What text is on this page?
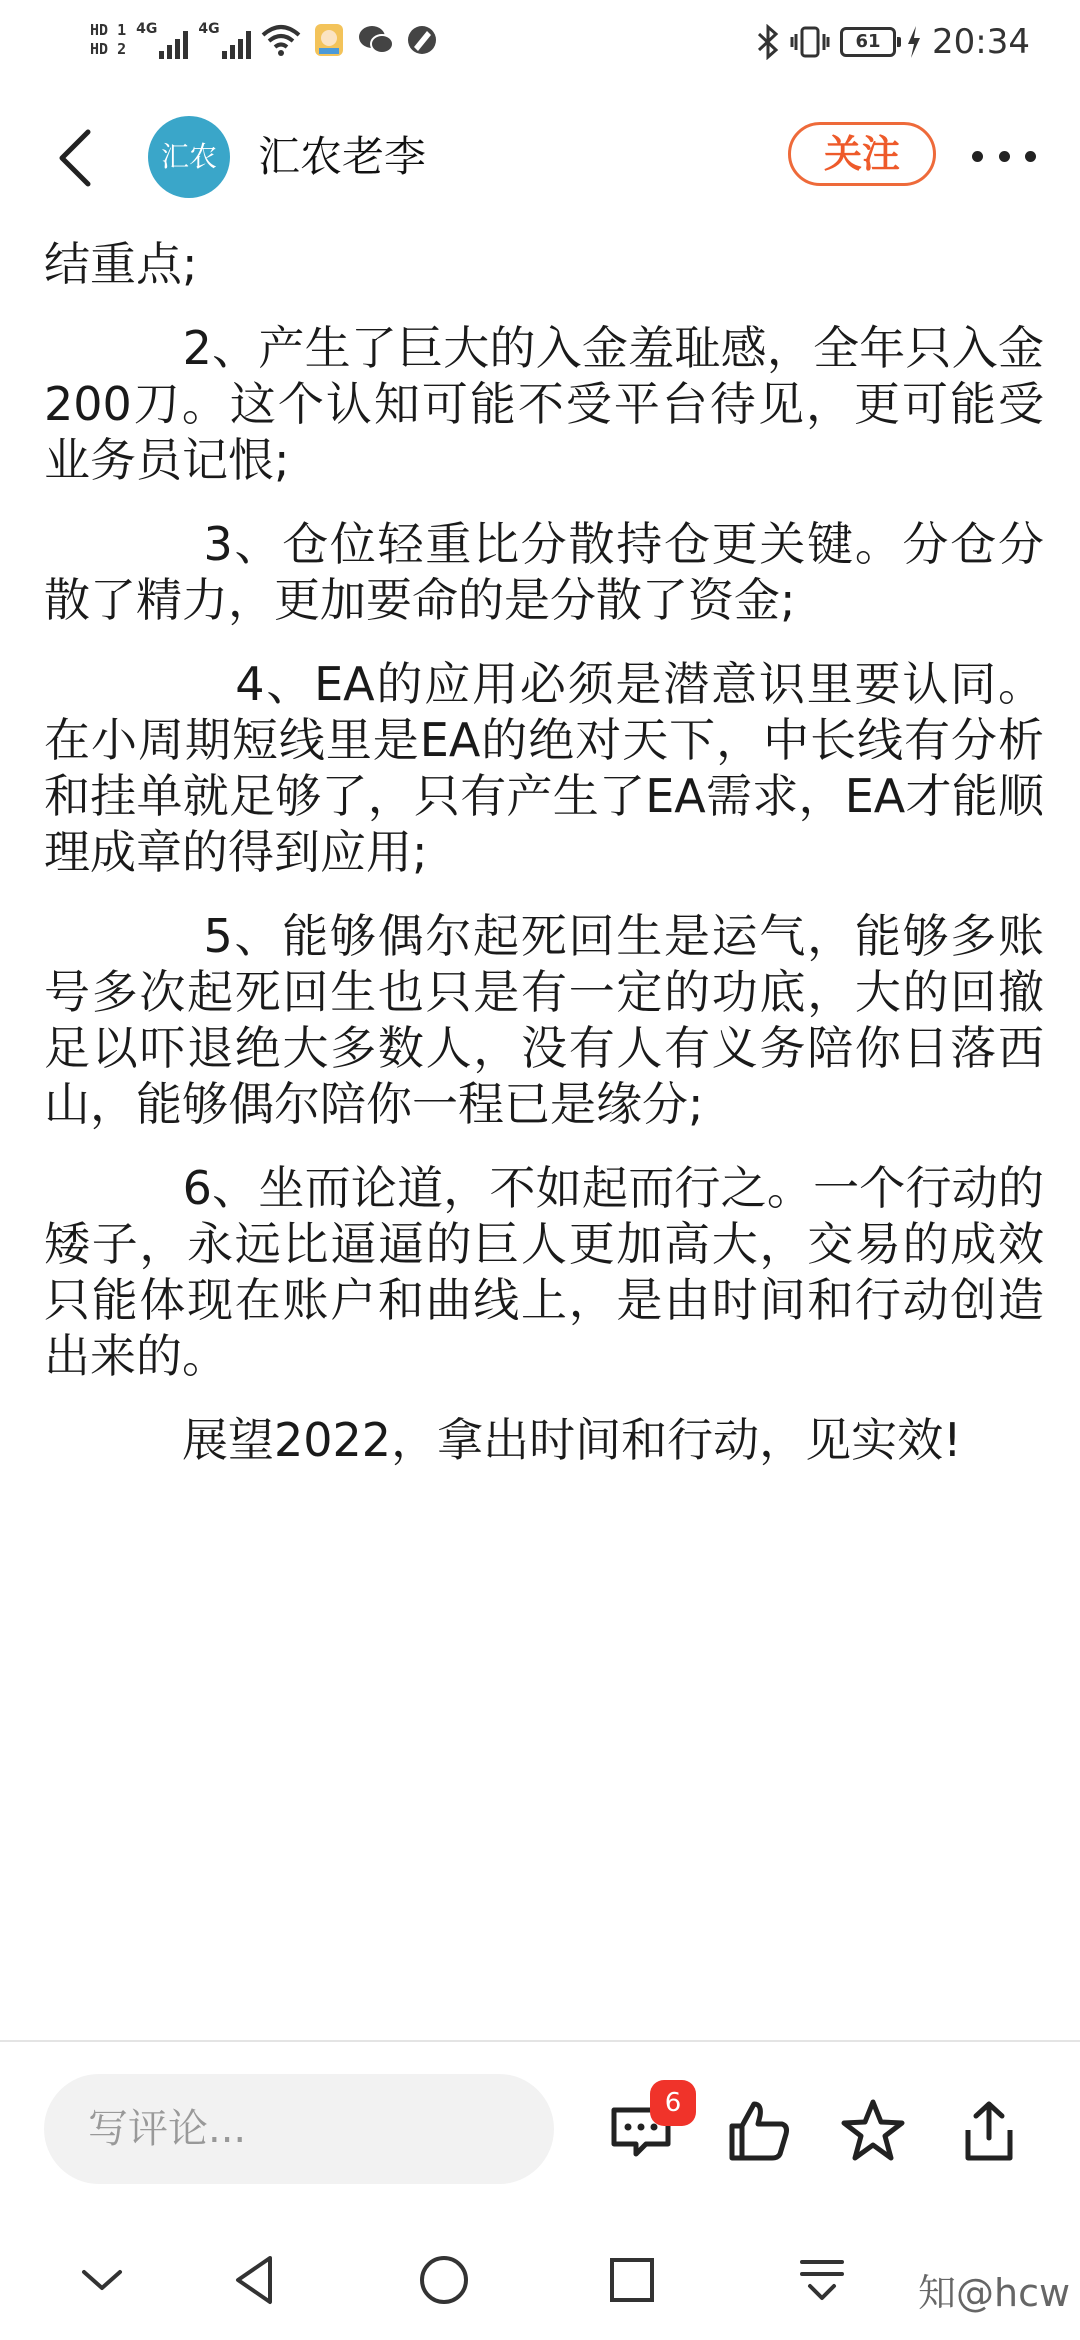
HD 1
HD 2
4G	4G
61	20:34
汇农 汇农老李	关注

结重点;

　　　2、产生了巨大的入金羞耻感，全年只入金200刀。这个认知可能不受平台待见，更可能受业务员记恨;

　　　 3、仓位轻重比分散持仓更关键。分仓分散了精力，更加要命的是分散了资金;

　　　　4、EA的应用必须是潜意识里要认同。在小周期短线里是EA的绝对天下，中长线有分析和挂单就足够了，只有产生了EA需求，EA才能顺理成章的得到应用;

　　　 5、能够偶尔起死回生是运气，能够多账号多次起死回生也只是有一定的功底，大的回撤足以吓退绝大多数人，没有人有义务陪你日落西山，能够偶尔陪你一程已是缘分;

　　　6、坐而论道，不如起而行之。一个行动的矮子，永远比逼逼的巨人更加高大，交易的成效只能体现在账户和曲线上，是由时间和行动创造出来的。

　　　展望2022，拿出时间和行动，见实效!

写评论...
6
知@hcw
